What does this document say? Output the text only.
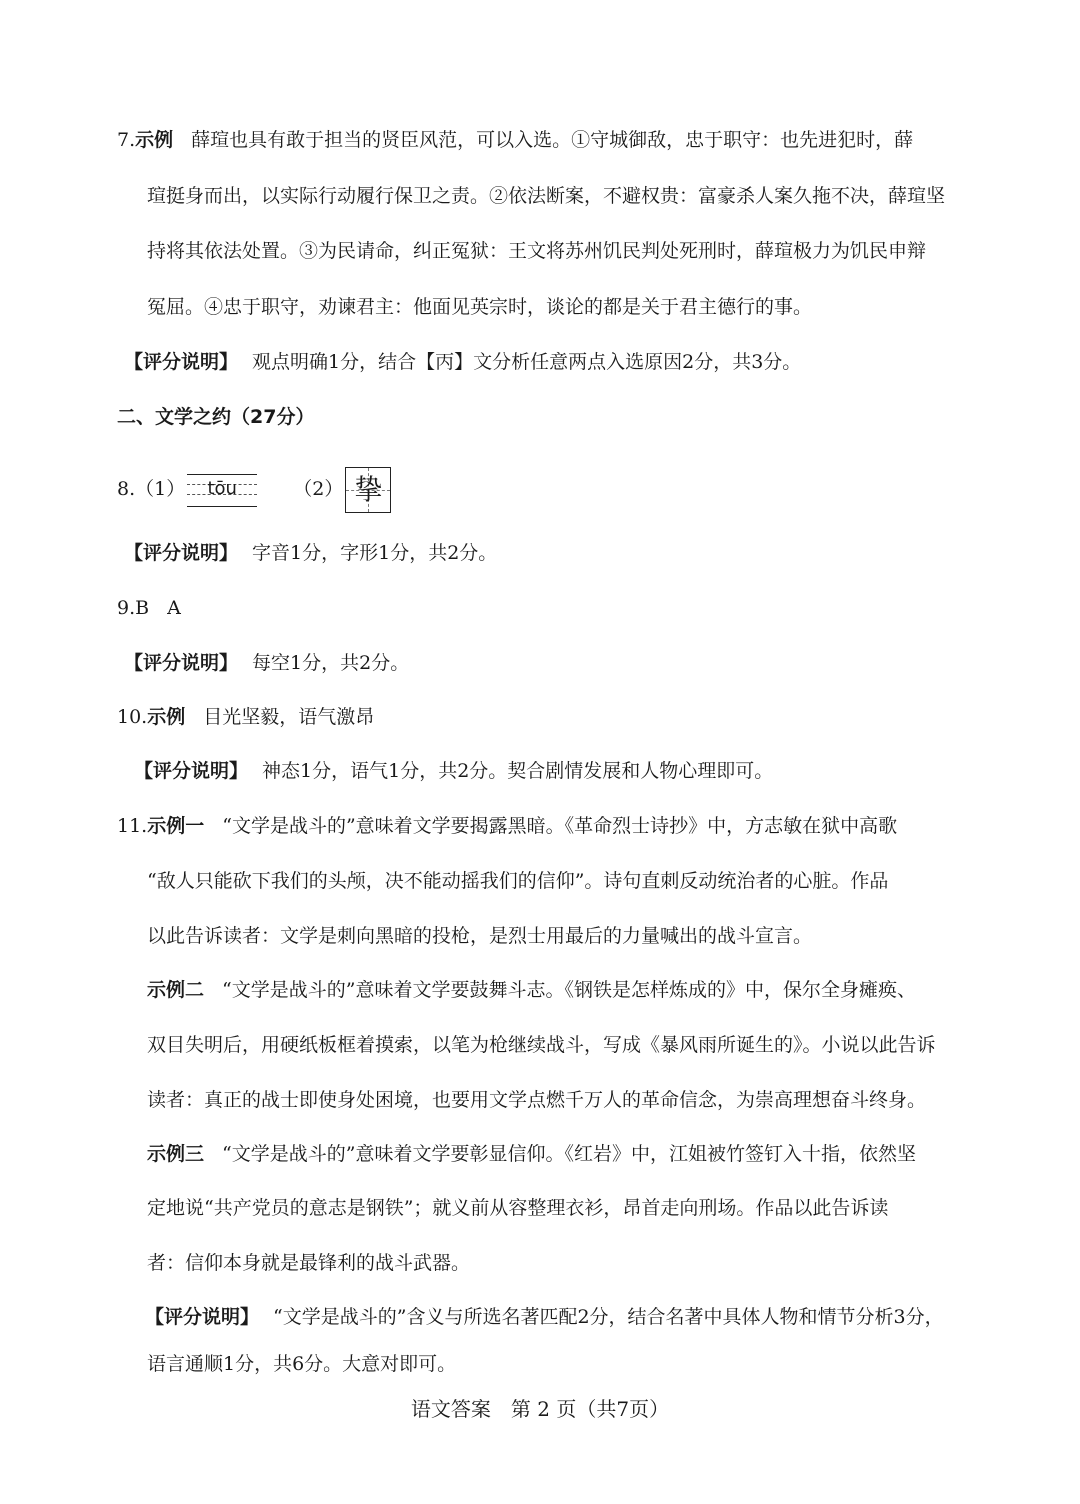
7.示例 薛瑄也具有敢于担当的贤臣风范，可以入选。①守城御敌，忠于职守：也先进犯时，薛
瑄挺身而出，以实际行动履行保卫之责。②依法断案，不避权贵：富豪杀人案久拖不决，薛瑄坚
持将其依法处置。③为民请命，纠正冤狱：王文将苏州饥民判处死刑时，薛瑄极力为饥民申辩
冤屈。④忠于职守，劝谏君主：他面见英宗时，谈论的都是关于君主德行的事。
【评分说明】 观点明确1分，结合【丙】文分析任意两点入选原因2分，共3分。
二、文学之约（27分）
8.（1）	tōu	（2） 挚
【评分说明】 字音1分，字形1分，共2分。
9.B A
【评分说明】 每空1分，共2分。
10.示例 目光坚毅，语气激昂
【评分说明】 神态1分，语气1分，共2分。契合剧情发展和人物心理即可。
11.示例一 “文学是战斗的”意味着文学要揭露黑暗。《革命烈士诗抄》中，方志敏在狱中高歌
“敌人只能砍下我们的头颅，决不能动摇我们的信仰”。诗句直刺反动统治者的心脏。作品
以此告诉读者：文学是刺向黑暗的投枪，是烈士用最后的力量喊出的战斗宣言。
示例二 “文学是战斗的”意味着文学要鼓舞斗志。《钢铁是怎样炼成的》中，保尔全身瘫痪、
双目失明后，用硬纸板框着摸索，以笔为枪继续战斗，写成《暴风雨所诞生的》。小说以此告诉
读者：真正的战士即使身处困境，也要用文学点燃千万人的革命信念，为崇高理想奋斗终身。
示例三 “文学是战斗的”意味着文学要彰显信仰。《红岩》中，江姐被竹签钉入十指，依然坚
定地说“共产党员的意志是钢铁”；就义前从容整理衣衫，昂首走向刑场。作品以此告诉读
者：信仰本身就是最锋利的战斗武器。
【评分说明】 “文学是战斗的”含义与所选名著匹配2分，结合名著中具体人物和情节分析3分，
语文答案　第 2 页（共7页）
语言通顺1分，共6分。大意对即可。
